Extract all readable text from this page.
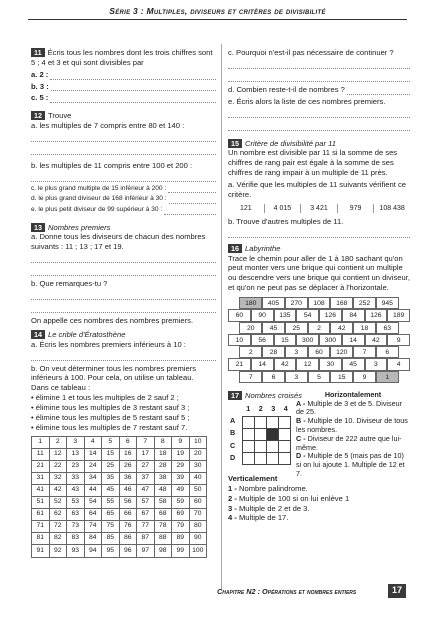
Série 3 : Multiples, diviseurs et critères de divisibilité
11 Écris tous les nombres dont les trois chiffres sont 5 ; 4 et 3 et qui sont divisibles par
a. 2 :
b. 3 :
c. 5 :
12 Trouve
a. les multiples de 7 compris entre 80 et 140 :
b. les multiples de 11 compris entre 100 et 200 :
c. le plus grand multiple de 15 inférieur à 200 :
d. le plus grand diviseur de 168 inférieur à 30 :
e. le plus petit diviseur de 99 supérieur à 30 :
13 Nombres premiers
a. Donne tous les diviseurs de chacun des nombres suivants : 11 ; 13 ; 17 et 19.
b. Que remarques-tu ?
On appelle ces nombres des nombres premiers.
14 Le crible d'Ératosthène
a. Écris les nombres premiers inférieurs à 10 :
b. On veut déterminer tous les nombres premiers inférieurs à 100. Pour cela, on utilise un tableau.
Dans ce tableau :
• élimine 1 et tous les multiples de 2 sauf 2 ;
• élimine tous les multiples de 3 restant sauf 3 ;
• élimine tous les multiples de 5 restant sauf 5 ;
• élimine tous les multiples de 7 restant sauf 7.
1	2	3	4	5	6	7	8	9	10
11	12	13	14	15	16	17	18	19	20
21	22	23	24	25	26	27	28	29	30
31	32	33	34	35	36	37	38	39	40
41	42	43	44	45	46	47	48	49	50
51	52	53	54	55	56	57	58	59	60
61	62	63	64	65	66	67	68	69	70
71	72	73	74	75	76	77	78	79	80
81	82	83	84	85	86	87	88	89	90
91	92	93	94	95	96	97	98	99	100
c. Pourquoi n'est-il pas nécessaire de continuer ?
d. Combien reste-t-il de nombres ?
e. Écris alors la liste de ces nombres premiers.
15 Critère de divisibilité par 11
Un nombre est divisible par 11 si la somme de ses chiffres de rang pair est égale à la somme de ses chiffres de rang impair à un multiple de 11 près.
a. Vérifie que les multiples de 11 suivants vérifient ce critère.
121	4 015	3 421	979	108 438
b. Trouve d'autres multiples de 11.
16 Labyrinthe
Trace le chemin pour aller de 1 à 180 sachant qu'on peut monter vers une brique qui contient un multiple ou descendre vers une brique qui contient un diviseur, et qu'on ne peut pas se déplacer à l'horizontale.
180	405	270	108	168	252	945
60	90	135	54	126	84	126	189
20	45	25	2	42	18	63
10	56	15	300	300	14	42	9
2	28	3	60	120	7	6
21	14	42	12	30	45	3	4
7	6	3	5	15	9	1
17 Nombres croisés
1	2	3	4
A
B
C
D

Horizontalement
A - Multiple de 3 et de 5. Diviseur de 25.
B - Multiple de 10. Diviseur de tous les nombres.
C - Diviseur de 222 autre que lui-même.
D - Multiple de 5 (mais pas de 10) si on lui ajoute 1. Multiple de 12 et 7.
Verticalement
1 - Nombre palindrome.
2 - Multiple de 100 si on lui enlève 1
3 - Multiple de 2 et de 3.
4 - Multiple de 17.
Chapitre N2 : Opérations et nombres entiers	17
